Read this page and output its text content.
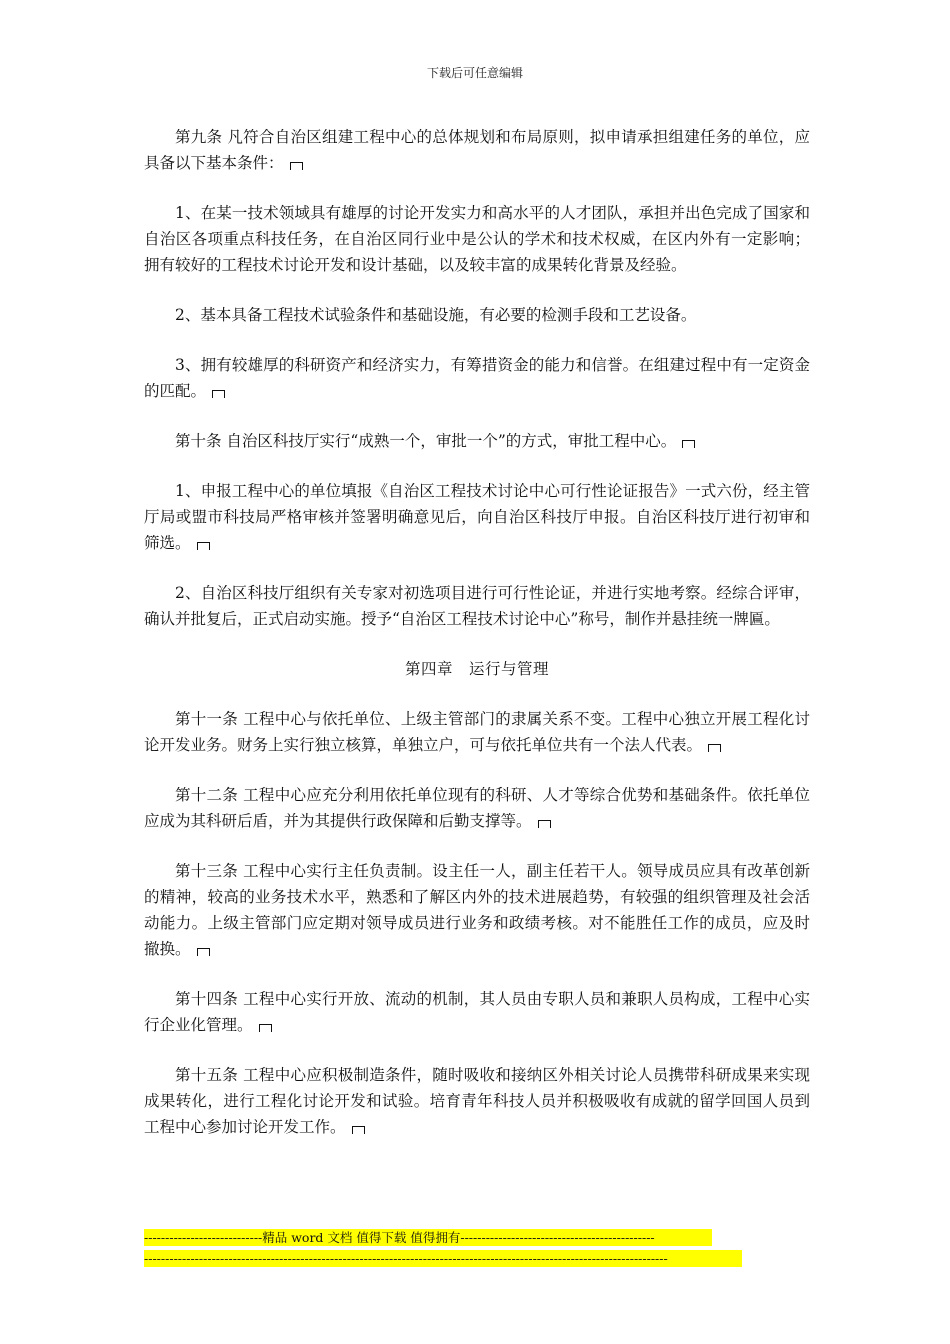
下载后可任意编辑

第九条 凡符合自治区组建工程中心的总体规划和布局原则，拟申请承担组建任务的单位，应具备以下基本条件：

1、在某一技术领域具有雄厚的讨论开发实力和高水平的人才团队，承担并出色完成了国家和自治区各项重点科技任务，在自治区同行业中是公认的学术和技术权威，在区内外有一定影响；拥有较好的工程技术讨论开发和设计基础，以及较丰富的成果转化背景及经验。

2、基本具备工程技术试验条件和基础设施，有必要的检测手段和工艺设备。

3、拥有较雄厚的科研资产和经济实力，有筹措资金的能力和信誉。在组建过程中有一定资金的匹配。

第十条 自治区科技厅实行“成熟一个，审批一个”的方式，审批工程中心。

1、申报工程中心的单位填报《自治区工程技术讨论中心可行性论证报告》一式六份，经主管厅局或盟市科技局严格审核并签署明确意见后，向自治区科技厅申报。自治区科技厅进行初审和筛选。

2、自治区科技厅组织有关专家对初选项目进行可行性论证，并进行实地考察。经综合评审，确认并批复后，正式启动实施。授予“自治区工程技术讨论中心”称号，制作并悬挂统一牌匾。

第四章　运行与管理

第十一条 工程中心与依托单位、上级主管部门的隶属关系不变。工程中心独立开展工程化讨论开发业务。财务上实行独立核算，单独立户，可与依托单位共有一个法人代表。

第十二条 工程中心应充分利用依托单位现有的科研、人才等综合优势和基础条件。依托单位应成为其科研后盾，并为其提供行政保障和后勤支撑等。

第十三条 工程中心实行主任负责制。设主任一人，副主任若干人。领导成员应具有改革创新的精神，较高的业务技术水平，熟悉和了解区内外的技术进展趋势，有较强的组织管理及社会活动能力。上级主管部门应定期对领导成员进行业务和政绩考核。对不能胜任工作的成员，应及时撤换。

第十四条 工程中心实行开放、流动的机制，其人员由专职人员和兼职人员构成，工程中心实行企业化管理。

第十五条 工程中心应积极制造条件，随时吸收和接纳区外相关讨论人员携带科研成果来实现成果转化，进行工程化讨论开发和试验。培育青年科技人员并积极吸收有成就的留学回国人员到工程中心参加讨论开发工作。

----------------------------精品 word 文档 值得下载 值得拥有----------------------------------------------
----------------------------------------------------------------------------------------------------------------------------
